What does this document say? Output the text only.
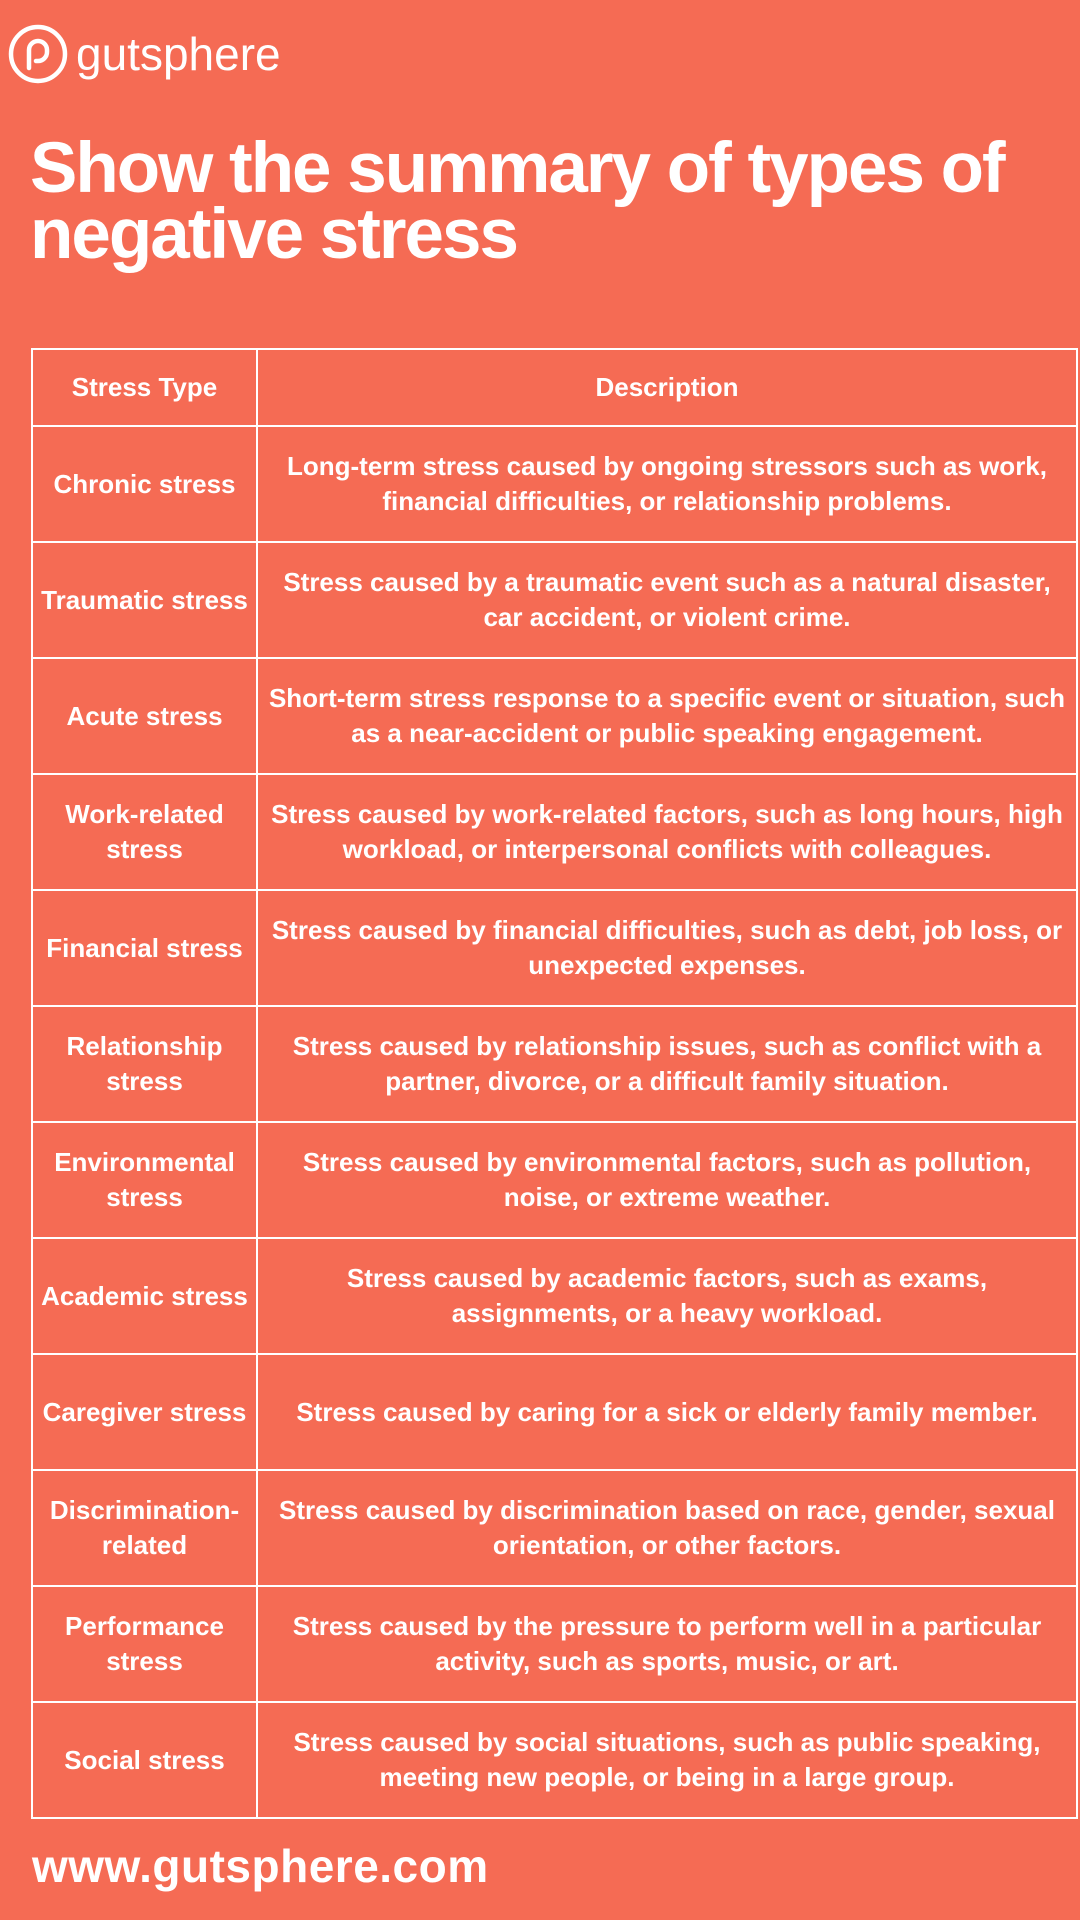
gutsphere
Show the summary of types of negative stress
Stress Type	Description
Chronic stress	Long-term stress caused by ongoing stressors such as work, financial difficulties, or relationship problems.
Traumatic stress	Stress caused by a traumatic event such as a natural disaster, car accident, or violent crime.
Acute stress	Short-term stress response to a specific event or situation, such as a near-accident or public speaking engagement.
Work-related stress	Stress caused by work-related factors, such as long hours, high workload, or interpersonal conflicts with colleagues.
Financial stress	Stress caused by financial difficulties, such as debt, job loss, or unexpected expenses.
Relationship stress	Stress caused by relationship issues, such as conflict with a partner, divorce, or a difficult family situation.
Environmental stress	Stress caused by environmental factors, such as pollution, noise, or extreme weather.
Academic stress	Stress caused by academic factors, such as exams, assignments, or a heavy workload.
Caregiver stress	Stress caused by caring for a sick or elderly family member.
Discrimination-related	Stress caused by discrimination based on race, gender, sexual orientation, or other factors.
Performance stress	Stress caused by the pressure to perform well in a particular activity, such as sports, music, or art.
Social stress	Stress caused by social situations, such as public speaking, meeting new people, or being in a large group.
www.gutsphere.com
